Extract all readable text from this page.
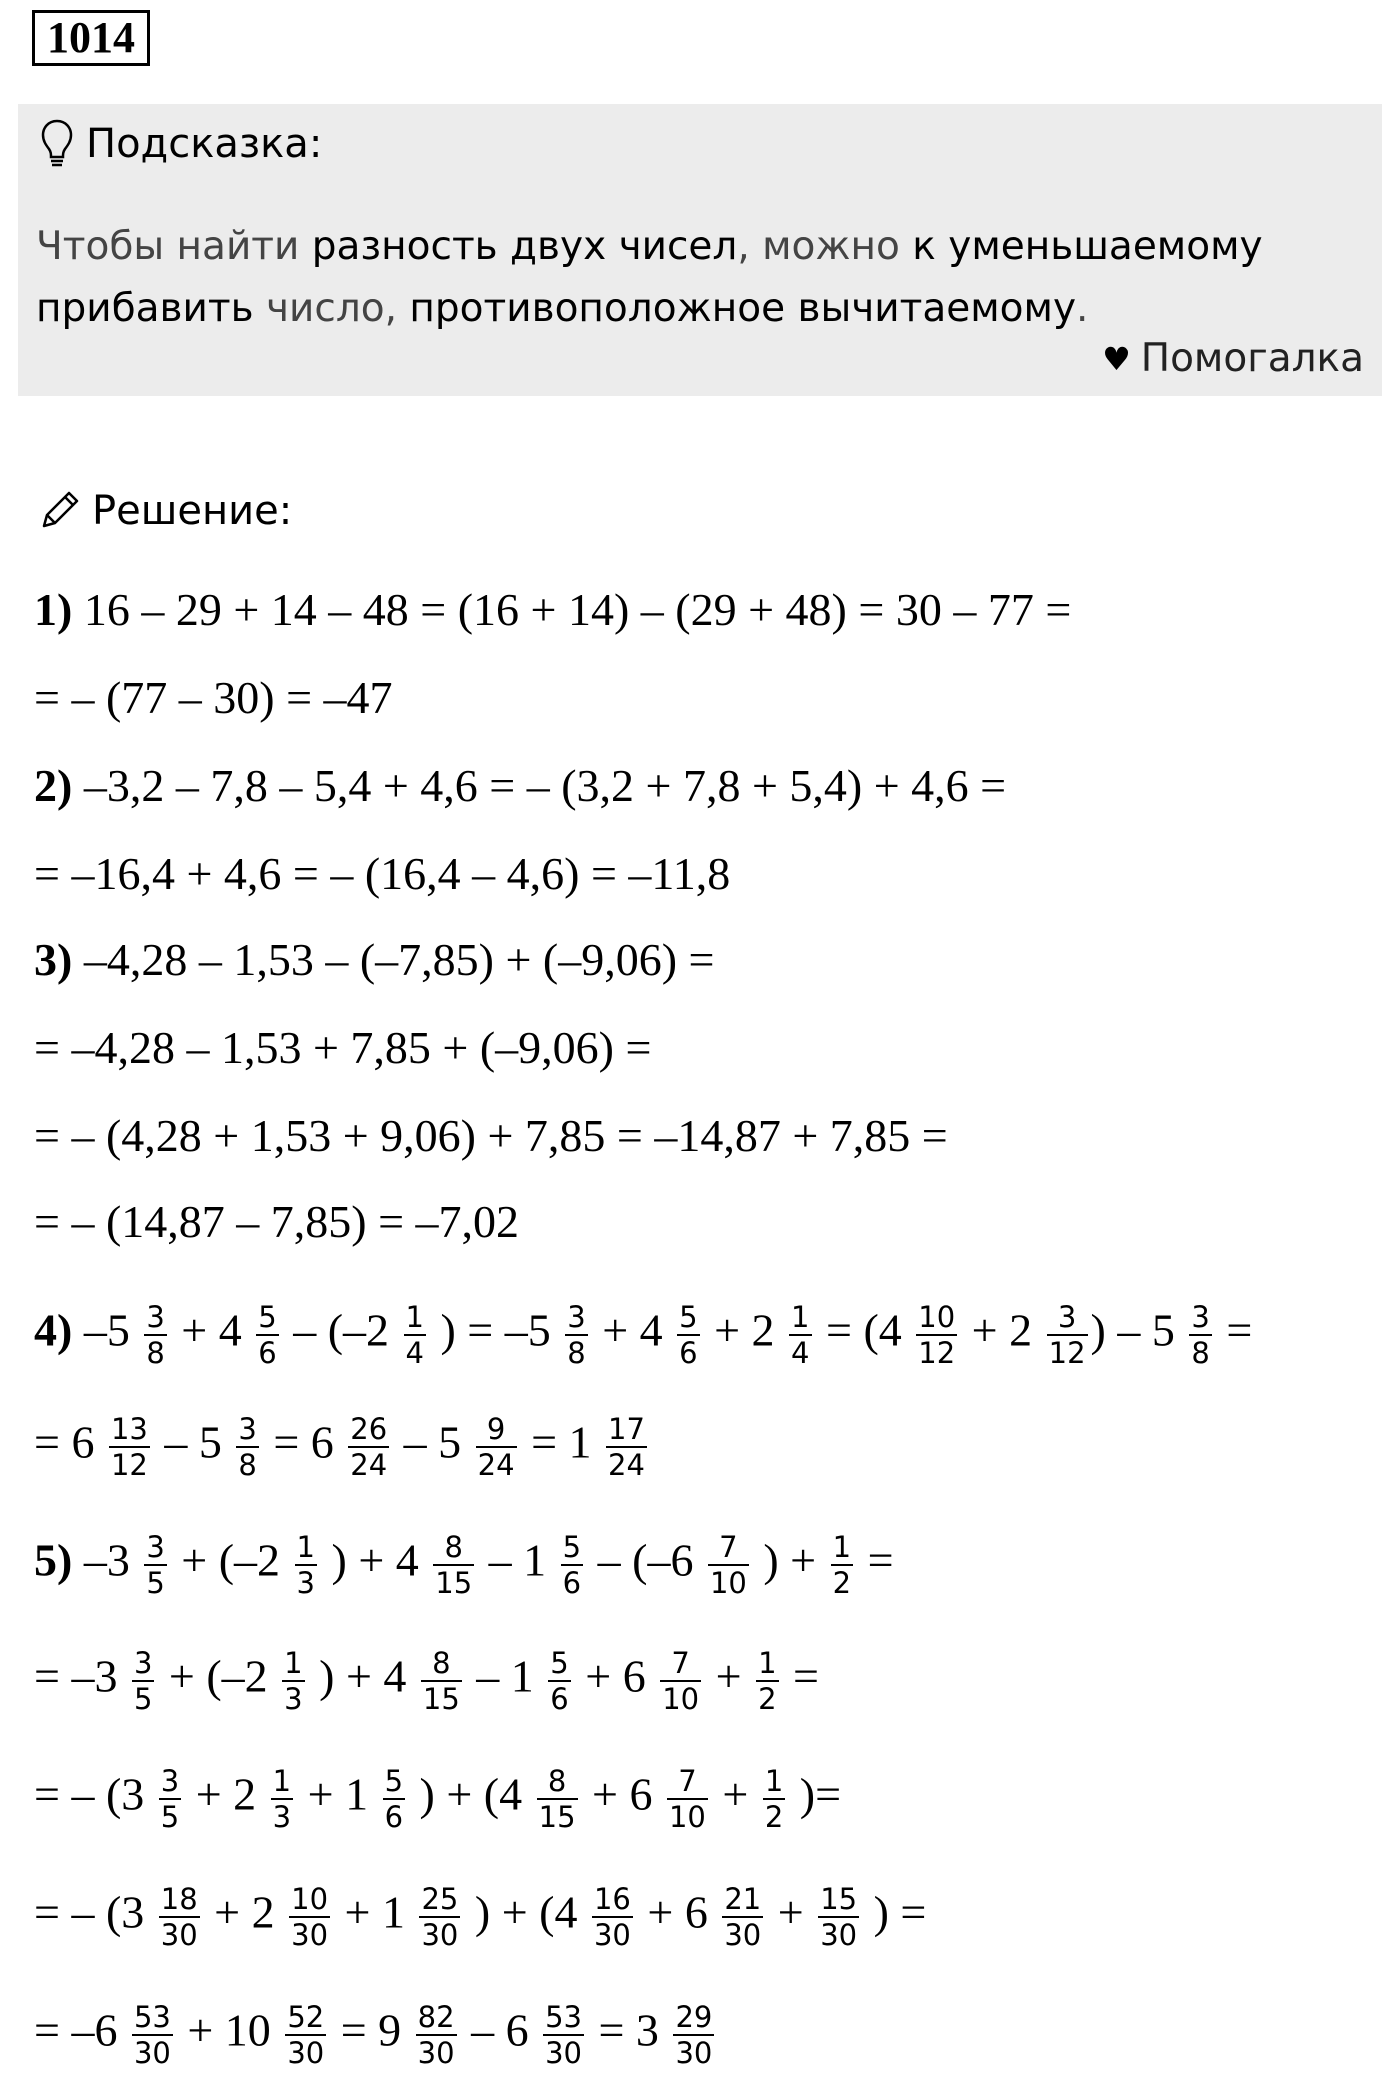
1014
Подсказка:
Чтобы найти разность двух чисел, можно к уменьшаемому прибавить число, противоположное вычитаемому.
♥ Помогалка
Решение:
1) 16 – 29 + 14 – 48 = (16 + 14) – (29 + 48) = 30 – 77 =
= – (77 – 30) = –47
2) –3,2 – 7,8 – 5,4 + 4,6 = – (3,2 + 7,8 + 5,4) + 4,6 =
= –16,4 + 4,6 = – (16,4 – 4,6) = –11,8
3) –4,28 – 1,53 – (–7,85) + (–9,06) =
= –4,28 – 1,53 + 7,85 + (–9,06) =
= – (4,28 + 1,53 + 9,06) + 7,85 = –14,87 + 7,85 =
= – (14,87 – 7,85) = –7,02
4) $-5 \frac{3}{8} + 4 \frac{5}{6} - (-2 \frac{1}{4}$ ) = $-5 \frac{3}{8} + 4 \frac{5}{6} + 2 \frac{1}{4} = (4 \frac{10}{12} + 2 \frac{3}{12}$ ) – $5 \frac{3}{8}$ =
= $6 \frac{13}{12} - 5 \frac{3}{8} = 6 \frac{26}{24} - 5 \frac{9}{24} = 1 \frac{17}{24}$
5) $-3 \frac{3}{5} + (-2 \frac{1}{3}$ ) + $4 \frac{8}{15} - 1 \frac{5}{6} - (-6 \frac{7}{10}$ ) + $\frac{1}{2}$ =
= $-3 \frac{3}{5} + (-2 \frac{1}{3}$ ) + $4 \frac{8}{15} - 1 \frac{5}{6} + 6 \frac{7}{10} + \frac{1}{2}$ =
= – ($3 \frac{3}{5} + 2 \frac{1}{3} + 1 \frac{5}{6}$ ) + ($4 \frac{8}{15} + 6 \frac{7}{10} + \frac{1}{2}$ )=
= – ($3 \frac{18}{30} + 2 \frac{10}{30} + 1 \frac{25}{30}$ ) + ($4 \frac{16}{30} + 6 \frac{21}{30} + \frac{15}{30}$ ) =
= $-6 \frac{53}{30} + 10 \frac{52}{30} = 9 \frac{82}{30} - 6 \frac{53}{30} = 3 \frac{29}{30}$
